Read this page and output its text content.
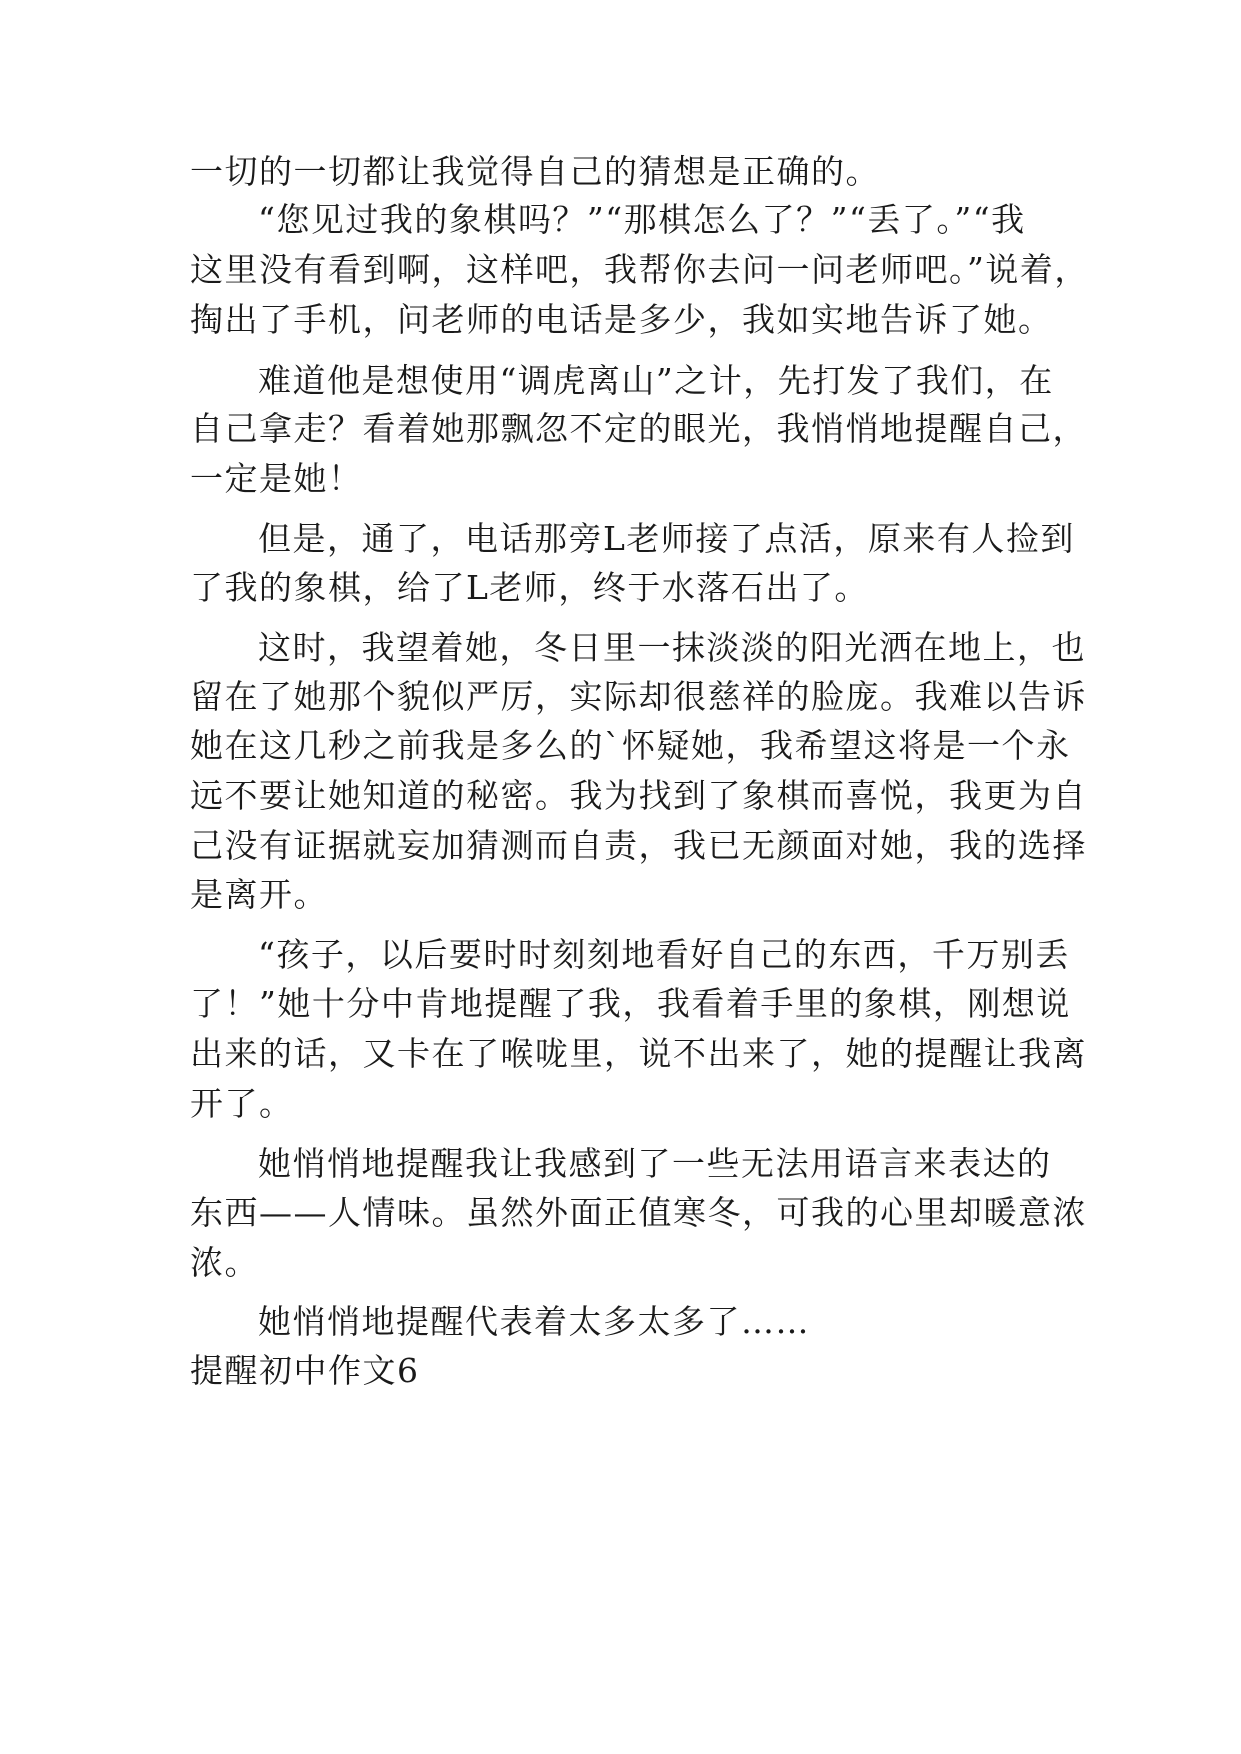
一切的一切都让我觉得自己的猜想是正确的。
“您见过我的象棋吗？”“那棋怎么了？”“丢了。”“我
这里没有看到啊，这样吧，我帮你去问一问老师吧。”说着，
掏出了手机，问老师的电话是多少，我如实地告诉了她。
难道他是想使用“调虎离山”之计，先打发了我们，在
自己拿走？看着她那飘忽不定的眼光，我悄悄地提醒自己，
一定是她！
但是，通了，电话那旁L老师接了点活，原来有人捡到
了我的象棋，给了L老师，终于水落石出了。
这时，我望着她，冬日里一抹淡淡的阳光洒在地上，也
留在了她那个貌似严厉，实际却很慈祥的脸庞。我难以告诉
她在这几秒之前我是多么的`怀疑她，我希望这将是一个永
远不要让她知道的秘密。我为找到了象棋而喜悦，我更为自
己没有证据就妄加猜测而自责，我已无颜面对她，我的选择
是离开。
“孩子，以后要时时刻刻地看好自己的东西，千万别丢
了！”她十分中肯地提醒了我，我看着手里的象棋，刚想说
出来的话，又卡在了喉咙里，说不出来了，她的提醒让我离
开了。
她悄悄地提醒我让我感到了一些无法用语言来表达的
东西——人情味。虽然外面正值寒冬，可我的心里却暖意浓
浓。
她悄悄地提醒代表着太多太多了……
提醒初中作文6
